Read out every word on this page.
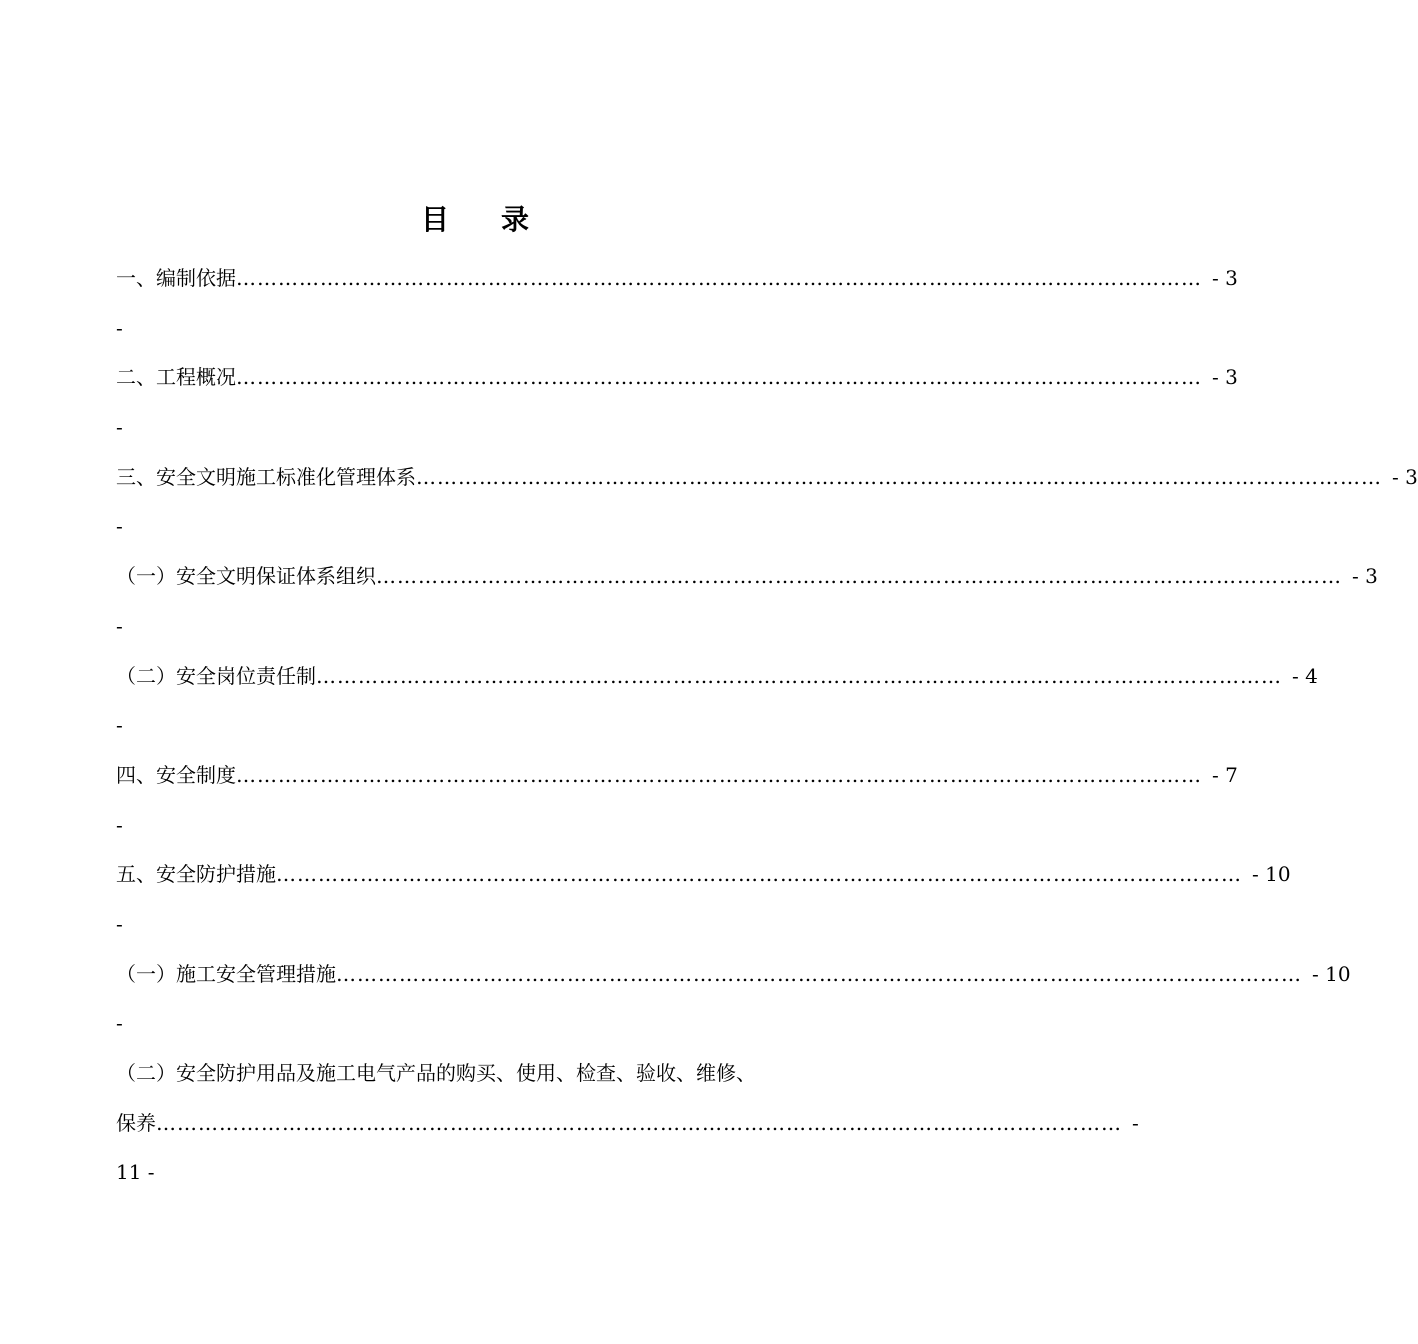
目录
一、编制依据 ………………………………………………………………………………………………………………………… - 3
-
二、工程概况 ………………………………………………………………………………………………………………………… - 3
-
三、安全文明施工标准化管理体系 ………………………………………………………………………………………………………………………… - 3
-
（一）安全文明保证体系组织 ………………………………………………………………………………………………………………………… - 3
-
（二）安全岗位责任制 ………………………………………………………………………………………………………………………… - 4
-
四、安全制度 ………………………………………………………………………………………………………………………… - 7
-
五、安全防护措施 ………………………………………………………………………………………………………………………… - 10
-
（一）施工安全管理措施 ………………………………………………………………………………………………………………………… - 10
-
（二）安全防护用品及施工电气产品的购买、使用、检查、验收、维修、
保养 ………………………………………………………………………………………………………………………… -
11 -
